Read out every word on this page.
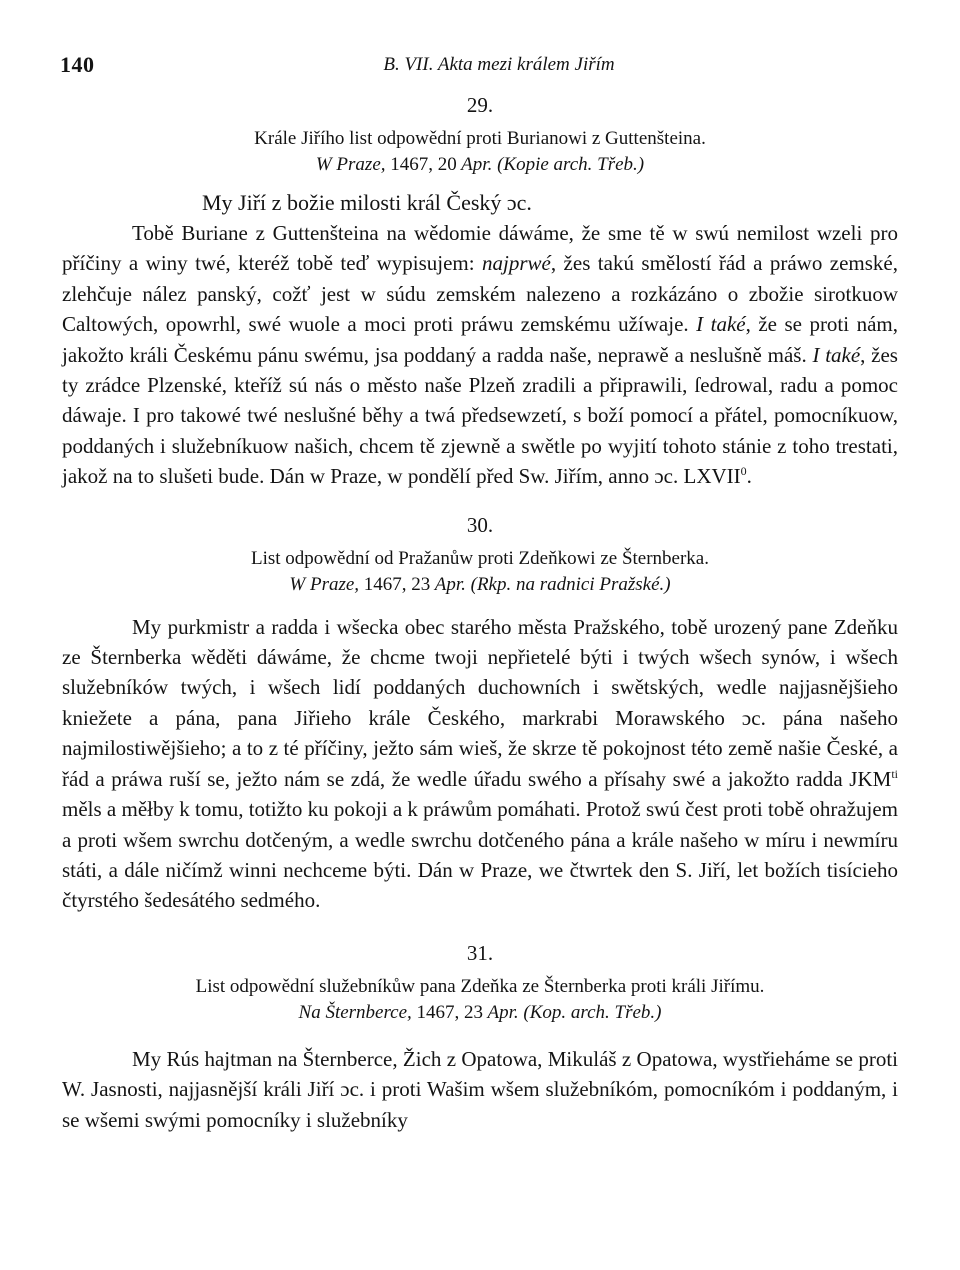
140	B. VII. Akta mezi králem Jiřím
29.
Krále Jiřího list odpowědní proti Burianowi z Guttenšteina.
W Praze, 1467, 20 Apr. (Kopie arch. Třeb.)
My Jiří z božie milosti král Český ɔc.

Tobě Buriane z Guttenšteina na wědomie dáwáme, že sme tě w swú nemilost wzeli pro příčiny a winy twé, kteréž tobě teď wypisujem: najprwé, žes takú smělostí řád a práwo zemské, zlehčuje nález panský, cožť jest w súdu zemském nalezeno a rozkázáno o zbožie sirotkuow Caltowých, opowrhl, swé wuole a moci proti práwu zemskému užíwaje. I také, že se proti nám, jakožto králi Českému pánu swému, jsa poddaný a radda naše, neprawě a neslušně máš. I také, žes ty zrádce Plzenské, kteříž sú nás o město naše Plzeň zradili a připrawili, ſedrowal, radu a pomoc dáwaje. I pro takowé twé neslušné běhy a twá předsewzetí, s boží pomocí a přátel, pomocníkuow, poddaných i služebníkuow našich, chcem tě zjewně a swětle po wyjití tohoto stánie z toho trestati, jakož na to slušeti bude. Dán w Praze, w pondělí před Sw. Jiřím, anno ɔc. LXVII$^0$.

30.
List odpowědní od Pražanůw proti Zdeňkowi ze Šternberka.
W Praze, 1467, 23 Apr. (Rkp. na radnici Pražské.)

My purkmistr a radda i wšecka obec starého města Pražského, tobě urozený pane Zdeňku ze Šternberka wěděti dáwáme, že chcme twoji nepřietelé býti i twých wšech synów, i wšech služebníków twých, i wšech lidí poddaných duchowních i swětských, wedle najjasnějšieho kniežete a pána, pana Jiřieho krále Českého, markrabi Morawského ɔc. pána našeho najmilostiwějšieho; a to z té příčiny, ježto sám wieš, že skrze tě pokojnost této země našie České, a řád a práwa ruší se, ježto nám se zdá, že wedle úřadu swého a přísahy swé a jakožto radda $JKM^{ti}$ měls a měłby k tomu, totižto ku pokoji a k práwům pomáhati. Protož swú čest proti tobě ohražujem a proti wšem swrchu dotčeným, a wedle swrchu dotčeného pána a krále našeho w míru i newmíru státi, a dále ničímž winni nechceme býti. Dán w Praze, we čtwrtek den S. Jiří, let božích tisícieho čtyrstého šedesátého sedmého.

31.
List odpowědní služebníkůw pana Zdeňka ze Šternberka proti králi Jiřímu.
Na Šternberce, 1467, 23 Apr. (Kop. arch. Třeb.)

My Rús hajtman na Šternberce, Žich z Opatowa, Mikuláš z Opatowa, wystřiehámе se proti W. Jasnosti, najjasnější králi Jiří ɔc. i proti Wašim wšem služebníkóm, pomocníkóm i poddaným, i se wšemi swými pomocníky i služebníky
